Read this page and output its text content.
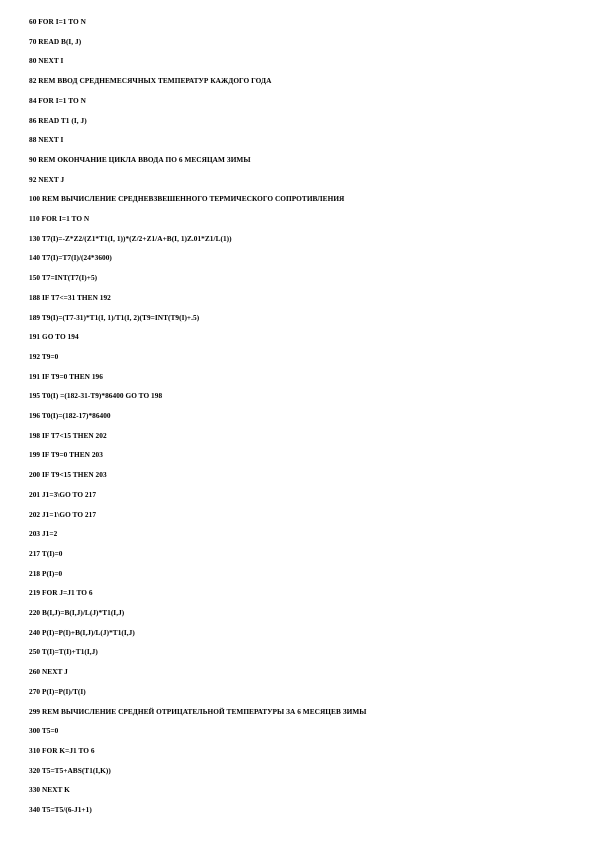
60 FOR I=1 TO N
70 READ B(I, J)
80 NEXT I
82 REM ВВОД СРЕДНЕМЕСЯЧНЫХ ТЕМПЕРАТУР КАЖДОГО ГОДА
84 FOR I=1 TO N
86 READ T1 (I, J)
88 NEXT I
90 REM ОКОНЧАНИЕ ЦИКЛА ВВОДА ПО 6 МЕСЯЦАМ ЗИМЫ
92 NEXT J
100 REM ВЫЧИСЛЕНИЕ СРЕДНЕВЗВЕШЕННОГО ТЕРМИЧЕСКОГО СОПРОТИВЛЕНИЯ
110 FOR I=1 TO N
130 T7(I)=-Z*Z2/(Z1*T1(I, 1))*(Z/2+Z1/A+B(I, 1)Z.01*Z1/L(1))
140 T7(I)=T7(I)/(24*3600)
150 T7=INT(T7(I)+5)
188 IF T7<=31 THEN 192
189 T9(I)=(T7-31)*T1(I, 1)/T1(I, 2)(T9=INT(T9(I)+.5)
191 GO TO 194
192 T9=0
191 IF T9=0 THEN 196
195 T0(I) =(182-31-T9)*86400 GO TO 198
196 T0(I)=(182-17)*86400
198 IF T7<15 THEN 202
199 IF T9=0 THEN 203
200 IF T9<15 THEN 203
201 J1=3\GO TO 217
202 J1=1\GO TO 217
203 J1=2
217 T(I)=0
218 P(I)=0
219 FOR J=J1 TO 6
220 B(I,J)=B(I,J)/L(J)*T1(I,J)
240 P(I)=P(I)+B(I,J)/L(J)*T1(I,J)
250 T(I)=T(I)+T1(I,J)
260 NEXT J
270 P(I)=P(I)/T(I)
299 REM ВЫЧИСЛЕНИЕ СРЕДНЕЙ ОТРИЦАТЕЛЬНОЙ ТЕМПЕРАТУРЫ ЗА 6 МЕСЯЦЕВ ЗИМЫ
300 T5=0
310 FOR K=J1 TO 6
320 T5=T5+ABS(T1(I,K))
330 NEXT K
340 T5=T5/(6-J1+1)
